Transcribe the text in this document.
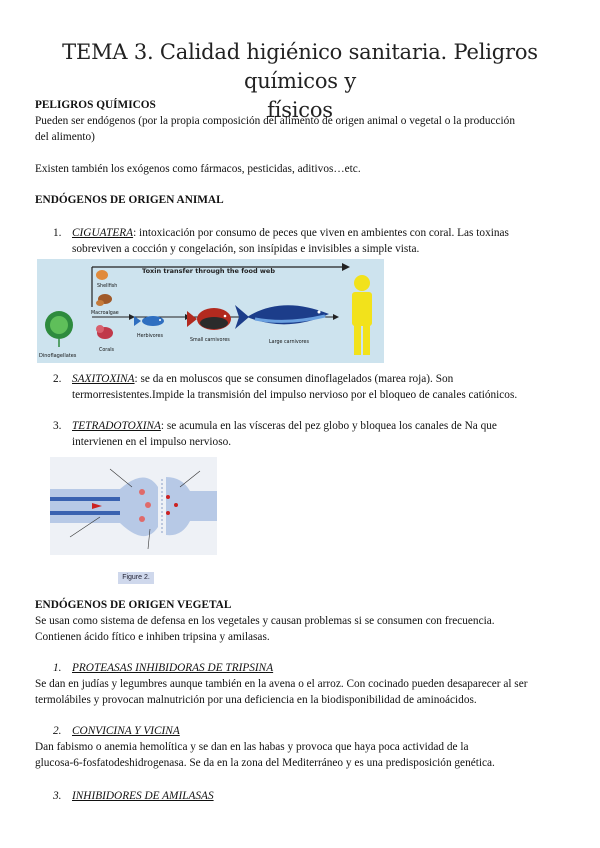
TEMA 3. Calidad higiénico sanitaria. Peligros químicos y
físicos
PELIGROS QUÍMICOS
Pueden ser endógenos (por la propia composición del alimento de origen animal o vegetal o la producción
del alimento)
Existen también los exógenos como fármacos, pesticidas, aditivos…etc.
ENDÓGENOS DE ORIGEN ANIMAL
1. CIGUATERA: intoxicación por consumo de peces que viven en ambientes con coral. Las toxinas
sobreviven a cocción y congelación, son insípidas e invisibles a simple vista.
Toxin transfer through the food web
Dinoflagellates
Shellfish
Macroalgae
Corals
Herbivores
Small carnivores	Large carnivores
2. SAXITOXINA: se da en moluscos que se consumen dinoflagelados (marea roja). Son
termorresistentes.Impide la transmisión del impulso nervioso por el bloqueo de canales catiónicos.
3. TETRADOTOXINA: se acumula en las vísceras del pez globo y bloquea los canales de Na que
intervienen en el impulso nervioso.
Figure 2.
ENDÓGENOS DE ORIGEN VEGETAL
Se usan como sistema de defensa en los vegetales y causan problemas si se consumen con frecuencia.
Contienen ácido fítico e inhiben tripsina y amilasas.
1. PROTEASAS INHIBIDORAS DE TRIPSINA
Se dan en judías y legumbres aunque también en la avena o el arroz. Con cocinado pueden desaparecer al ser
termolábiles y provocan malnutrición por una deficiencia en la biodisponibilidad de aminoácidos.
2. CONVICINA Y VICINA
Dan fabismo o anemia hemolítica y se dan en las habas y provoca que haya poca actividad de la
glucosa-6-fosfatodeshidrogenasa. Se da en la zona del Mediterráneo y es una predisposición genética.
3. INHIBIDORES DE AMILASAS
